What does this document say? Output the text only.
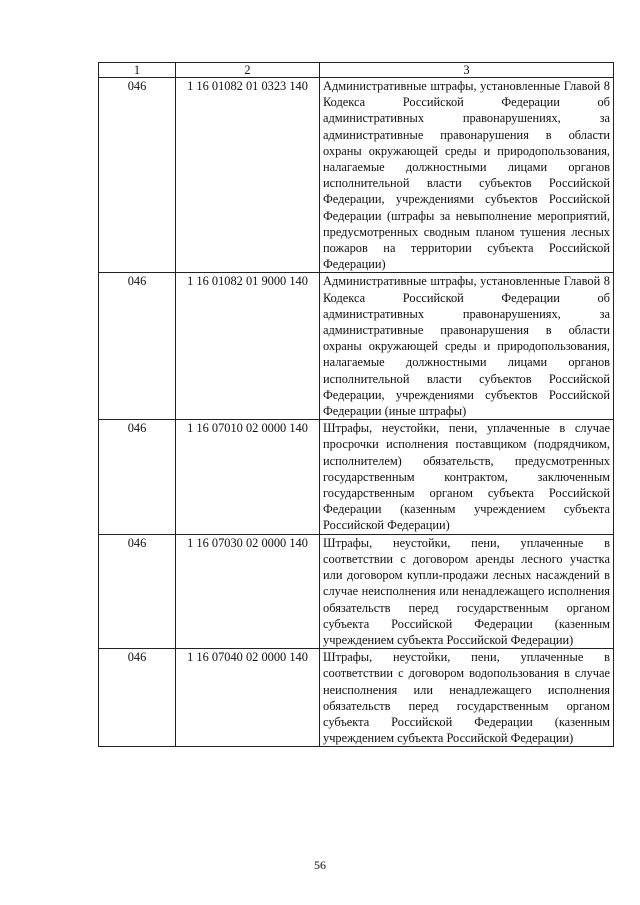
1	2	3
046	1 16 01082 01 0323 140	Административные штрафы, установленные Главой 8 Кодекса Российской Федерации об административных правонарушениях, за административные правонарушения в области охраны окружающей среды и природопользования, налагаемые должностными лицами органов исполнительной власти субъектов Российской Федерации, учреждениями субъектов Российской Федерации (штрафы за невыполнение мероприятий, предусмотренных сводным планом тушения лесных пожаров на территории субъекта Российской Федерации)
046	1 16 01082 01 9000 140	Административные штрафы, установленные Главой 8 Кодекса Российской Федерации об административных правонарушениях, за административные правонарушения в области охраны окружающей среды и природопользования, налагаемые должностными лицами органов исполнительной власти субъектов Российской Федерации, учреждениями субъектов Российской Федерации (иные штрафы)
046	1 16 07010 02 0000 140	Штрафы, неустойки, пени, уплаченные в случае просрочки исполнения поставщиком (подрядчиком, исполнителем) обязательств, предусмотренных государственным контрактом, заключенным государственным органом субъекта Российской Федерации (казенным учреждением субъекта Российской Федерации)
046	1 16 07030 02 0000 140	Штрафы, неустойки, пени, уплаченные в соответствии с договором аренды лесного участка или договором купли-продажи лесных насаждений в случае неисполнения или ненадлежащего исполнения обязательств перед государственным органом субъекта Российской Федерации (казенным учреждением субъекта Российской Федерации)
046	1 16 07040 02 0000 140	Штрафы, неустойки, пени, уплаченные в соответствии с договором водопользования в случае неисполнения или ненадлежащего исполнения обязательств перед государственным органом субъекта Российской Федерации (казенным учреждением субъекта Российской Федерации)
56
